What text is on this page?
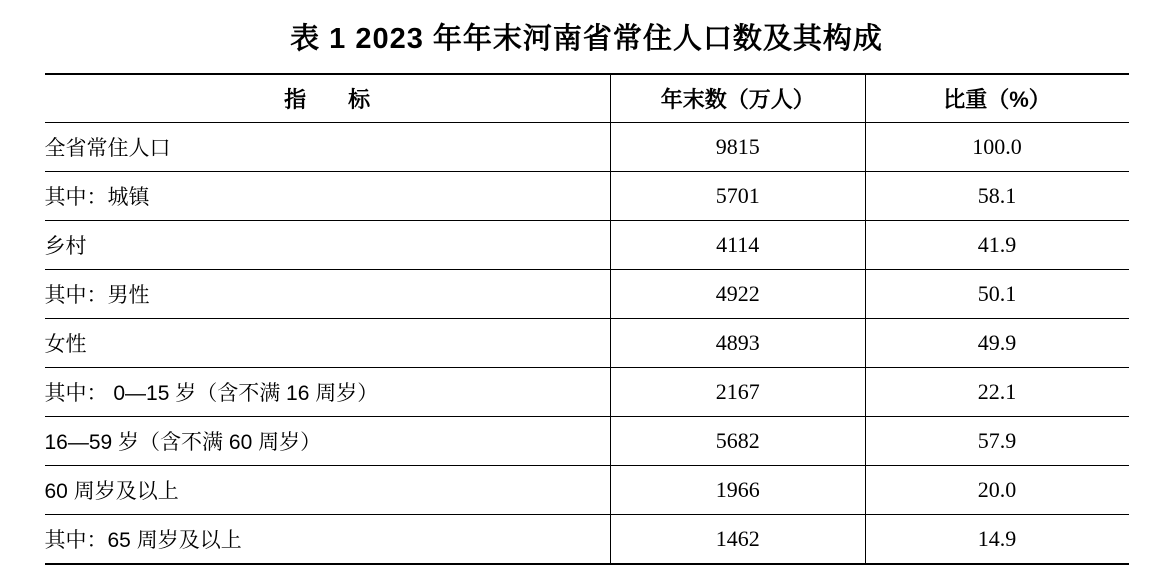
表 1 2023 年年末河南省常住人口数及其构成
指　标	年末数（万人）	比重（%）
全省常住人口	9815	100.0
其中：城镇	5701	58.1
乡村	4114	41.9
其中：男性	4922	50.1
女性	4893	49.9
其中： 0—15 岁（含不满 16 周岁）	2167	22.1
16—59 岁（含不满 60 周岁）	5682	57.9
60 周岁及以上	1966	20.0
其中：65 周岁及以上	1462	14.9
